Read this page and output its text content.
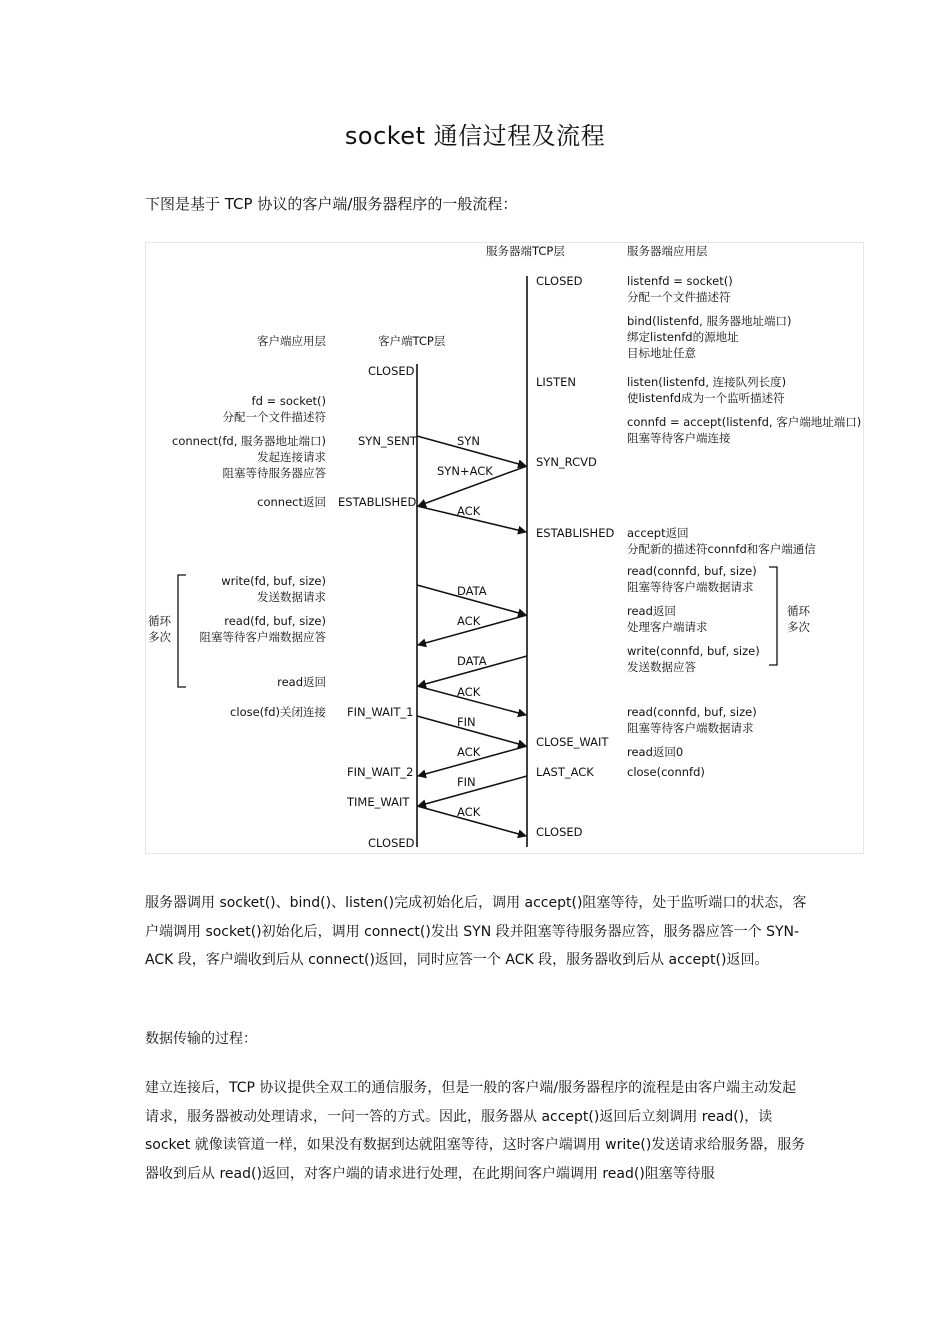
socket 通信过程及流程
下图是基于 TCP 协议的客户端/服务器程序的一般流程：
服务器端TCP层	服务器端应用层
客户端应用层	客户端TCP层
CLOSED
LISTEN
SYN_RCVD
ESTABLISHED
CLOSE_WAIT
LAST_ACK
CLOSED
CLOSED
SYN_SENT
ESTABLISHED
FIN_WAIT_1
FIN_WAIT_2
TIME_WAIT
CLOSED
listenfd = socket()
分配一个文件描述符
bind(listenfd, 服务器地址端口)
绑定listenfd的源地址
目标地址任意
listen(listenfd, 连接队列长度)
使listenfd成为一个监听描述符
connfd = accept(listenfd, 客户端地址端口)
阻塞等待客户端连接
accept返回
分配新的描述符connfd和客户端通信
read(connfd, buf, size)
阻塞等待客户端数据请求
read返回
处理客户端请求
write(connfd, buf, size)
发送数据应答
read(connfd, buf, size)
阻塞等待客户端数据请求
read返回0
close(connfd)
fd = socket()
分配一个文件描述符
connect(fd, 服务器地址端口)
发起连接请求
阻塞等待服务器应答
connect返回
write(fd, buf, size)
发送数据请求
read(fd, buf, size)
阻塞等待客户端数据应答
read返回
close(fd)关闭连接
循环
多次
循环
多次
SYN
SYN+ACK
ACK
DATA
ACK
DATA
ACK
FIN
ACK
FIN
ACK
服务器调用 socket()、bind()、listen()完成初始化后，调用 accept()阻塞等待，处于监听端口的状态，客户端调用 socket()初始化后，调用 connect()发出 SYN 段并阻塞等待服务器应答，服务器应答一个 SYN-ACK 段，客户端收到后从 connect()返回，同时应答一个 ACK 段，服务器收到后从 accept()返回。
数据传输的过程：
建立连接后，TCP 协议提供全双工的通信服务，但是一般的客户端/服务器程序的流程是由客户端主动发起请求，服务器被动处理请求，一问一答的方式。因此，服务器从 accept()返回后立刻调用 read()，读 socket 就像读管道一样，如果没有数据到达就阻塞等待，这时客户端调用 write()发送请求给服务器，服务器收到后从 read()返回，对客户端的请求进行处理，在此期间客户端调用 read()阻塞等待服
